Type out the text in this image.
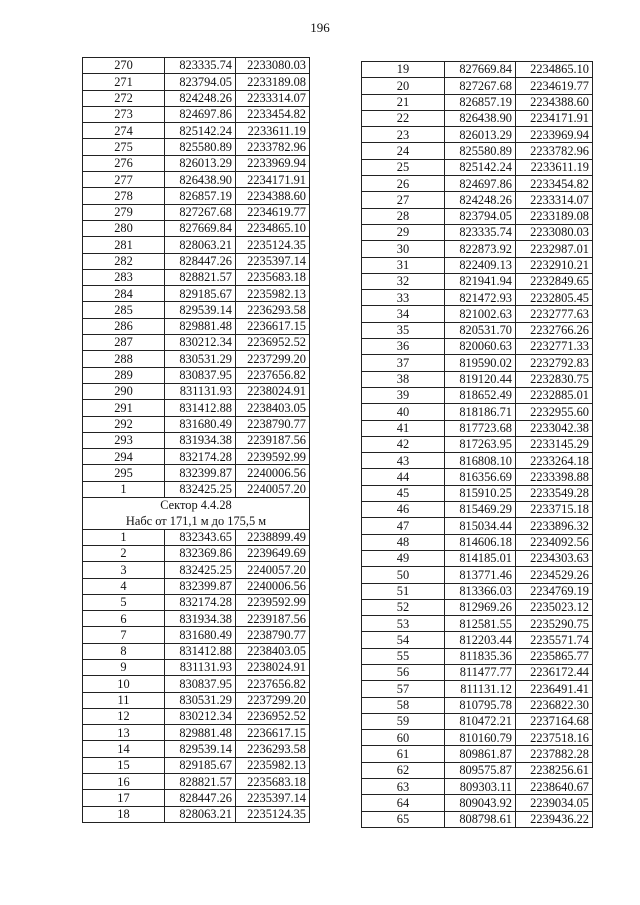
196
270	823335.74	2233080.03
271	823794.05	2233189.08
272	824248.26	2233314.07
273	824697.86	2233454.82
274	825142.24	2233611.19
275	825580.89	2233782.96
276	826013.29	2233969.94
277	826438.90	2234171.91
278	826857.19	2234388.60
279	827267.68	2234619.77
280	827669.84	2234865.10
281	828063.21	2235124.35
282	828447.26	2235397.14
283	828821.57	2235683.18
284	829185.67	2235982.13
285	829539.14	2236293.58
286	829881.48	2236617.15
287	830212.34	2236952.52
288	830531.29	2237299.20
289	830837.95	2237656.82
290	831131.93	2238024.91
291	831412.88	2238403.05
292	831680.49	2238790.77
293	831934.38	2239187.56
294	832174.28	2239592.99
295	832399.87	2240006.56
1	832425.25	2240057.20
Сектор 4.4.28		
Набс от 171,1 м до 175,5 м		
1	832343.65	2238899.49
2	832369.86	2239649.69
3	832425.25	2240057.20
4	832399.87	2240006.56
5	832174.28	2239592.99
6	831934.38	2239187.56
7	831680.49	2238790.77
8	831412.88	2238403.05
9	831131.93	2238024.91
10	830837.95	2237656.82
11	830531.29	2237299.20
12	830212.34	2236952.52
13	829881.48	2236617.15
14	829539.14	2236293.58
15	829185.67	2235982.13
16	828821.57	2235683.18
17	828447.26	2235397.14
18	828063.21	2235124.35
19	827669.84	2234865.10
20	827267.68	2234619.77
21	826857.19	2234388.60
22	826438.90	2234171.91
23	826013.29	2233969.94
24	825580.89	2233782.96
25	825142.24	2233611.19
26	824697.86	2233454.82
27	824248.26	2233314.07
28	823794.05	2233189.08
29	823335.74	2233080.03
30	822873.92	2232987.01
31	822409.13	2232910.21
32	821941.94	2232849.65
33	821472.93	2232805.45
34	821002.63	2232777.63
35	820531.70	2232766.26
36	820060.63	2232771.33
37	819590.02	2232792.83
38	819120.44	2232830.75
39	818652.49	2232885.01
40	818186.71	2232955.60
41	817723.68	2233042.38
42	817263.95	2233145.29
43	816808.10	2233264.18
44	816356.69	2233398.88
45	815910.25	2233549.28
46	815469.29	2233715.18
47	815034.44	2233896.32
48	814606.18	2234092.56
49	814185.01	2234303.63
50	813771.46	2234529.26
51	813366.03	2234769.19
52	812969.26	2235023.12
53	812581.55	2235290.75
54	812203.44	2235571.74
55	811835.36	2235865.77
56	811477.77	2236172.44
57	811131.12	2236491.41
58	810795.78	2236822.30
59	810472.21	2237164.68
60	810160.79	2237518.16
61	809861.87	2237882.28
62	809575.87	2238256.61
63	809303.11	2238640.67
64	809043.92	2239034.05
65	808798.61	2239436.22
